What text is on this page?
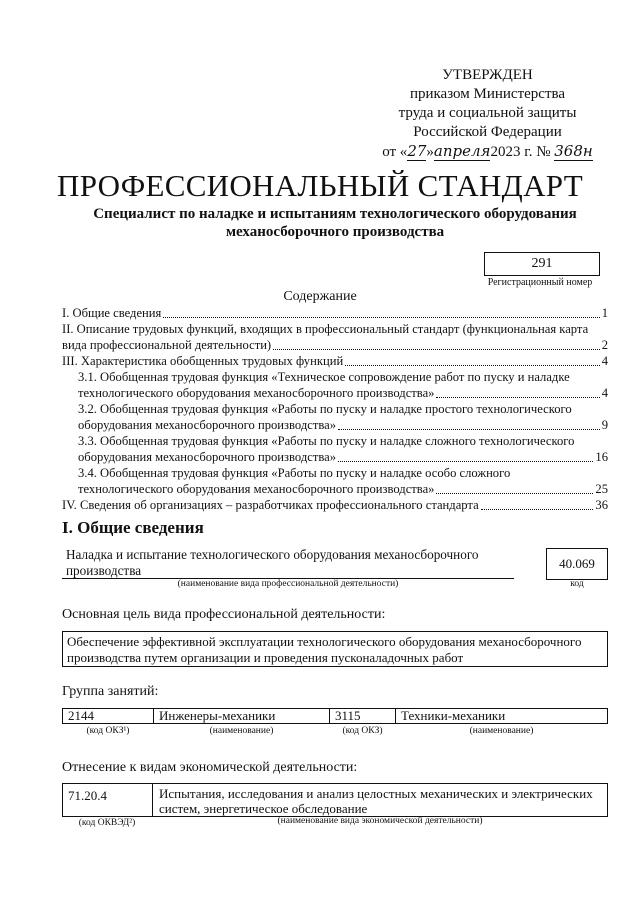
УТВЕРЖДЕН
приказом Министерства
труда и социальной защиты
Российской Федерации
от «27»апреля2023 г. № 368н
ПРОФЕССИОНАЛЬНЫЙ СТАНДАРТ
Специалист по наладке и испытаниям технологического оборудования
механосборочного производства
291
Регистрационный номер
Содержание
I. Общие сведения	1
II. Описание трудовых функций, входящих в профессиональный стандарт (функциональная карта
вида профессиональной деятельности)	2
III. Характеристика обобщенных трудовых функций	4
3.1. Обобщенная трудовая функция «Техническое сопровождение работ по пуску и наладке
технологического оборудования механосборочного производства»	4
3.2. Обобщенная трудовая функция «Работы по пуску и наладке простого технологического
оборудования механосборочного производства»	9
3.3. Обобщенная трудовая функция «Работы по пуску и наладке сложного технологического
оборудования механосборочного производства»	16
3.4. Обобщенная трудовая функция «Работы по пуску и наладке особо сложного
технологического оборудования механосборочного производства»	25
IV. Сведения об организациях – разработчиках профессионального стандарта	36
I. Общие сведения
Наладка и испытание технологического оборудования механосборочного
производства
(наименование вида профессиональной деятельности)
40.069
код
Основная цель вида профессиональной деятельности:
Обеспечение эффективной эксплуатации технологического оборудования механосборочного
производства путем организации и проведения пусконаладочных работ
Группа занятий:
2144	Инженеры-механики	3115	Техники-механики
(код ОКЗ¹)	(наименование)	(код ОКЗ)	(наименование)
Отнесение к видам экономической деятельности:
71.20.4	Испытания, исследования и анализ целостных механических и электрических
систем, энергетическое обследование
(код ОКВЭД²)	(наименование вида экономической деятельности)
